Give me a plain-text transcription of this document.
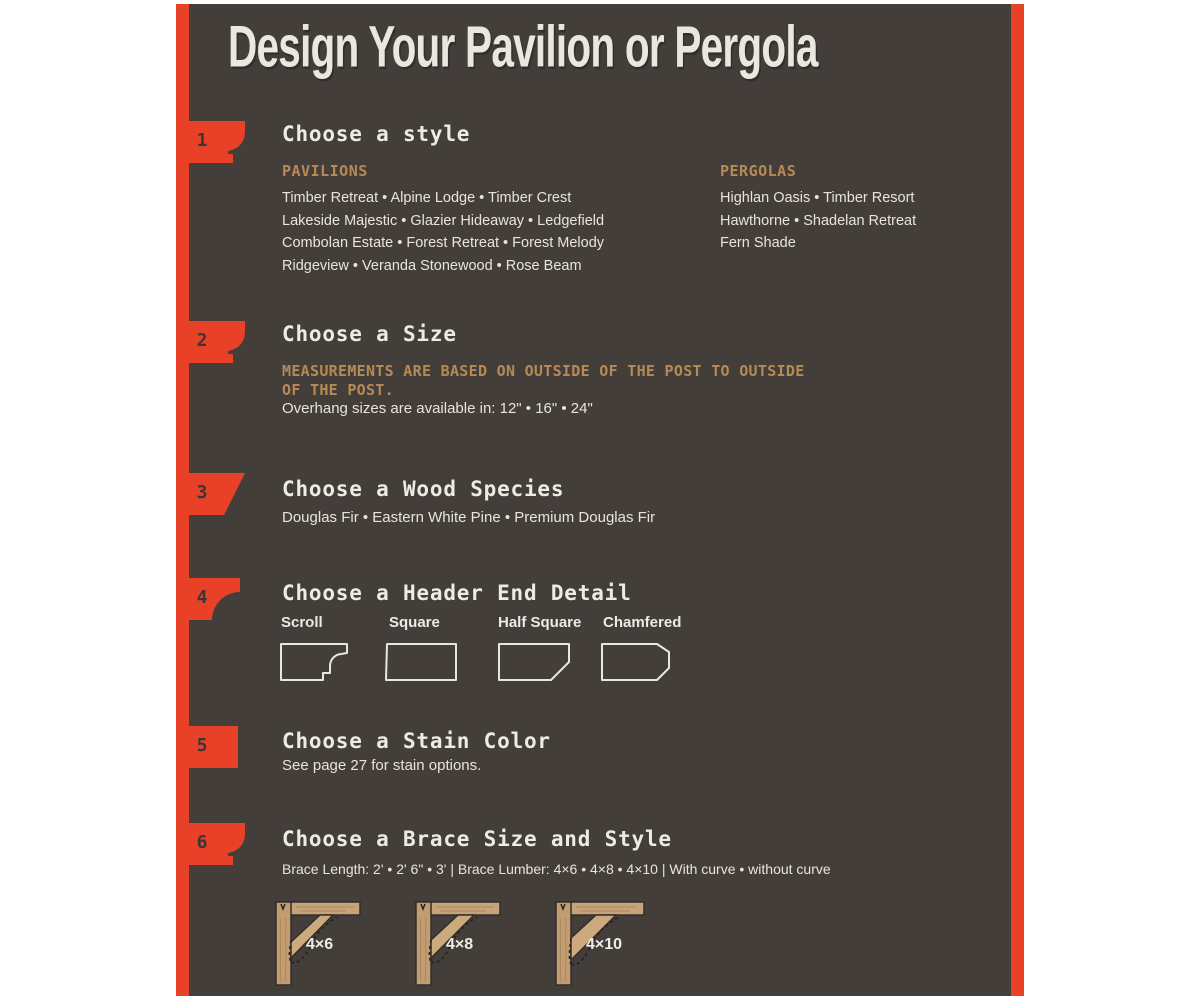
Design Your Pavilion or Pergola
1	Choose a style

PAVILIONS

Timber Retreat • Alpine Lodge • Timber Crest
Lakeside Majestic • Glazier Hideaway • Ledgefield
Combolan Estate • Forest Retreat • Forest Melody
Ridgeview • Veranda Stonewood • Rose Beam

PERGOLAS

Highlan Oasis • Timber Resort
Hawthorne • Shadelan Retreat
Fern Shade
2	Choose a Size

MEASUREMENTS ARE BASED ON OUTSIDE OF THE POST TO OUTSIDE OF THE POST.

Overhang sizes are available in: 12" • 16" • 24"

3	Choose a Wood Species

Douglas Fir • Eastern White Pine • Premium Douglas Fir

4	Choose a Header End Detail

Scroll	Square	Half Square Chamfered

5	Choose a Stain Color

See page 27 for stain options.

6	Choose a Brace Size and Style

Brace Length: 2' • 2' 6" • 3' | Brace Lumber: 4×6 • 4×8 • 4×10 | With curve • without curve

4×6	4×8	4×10
